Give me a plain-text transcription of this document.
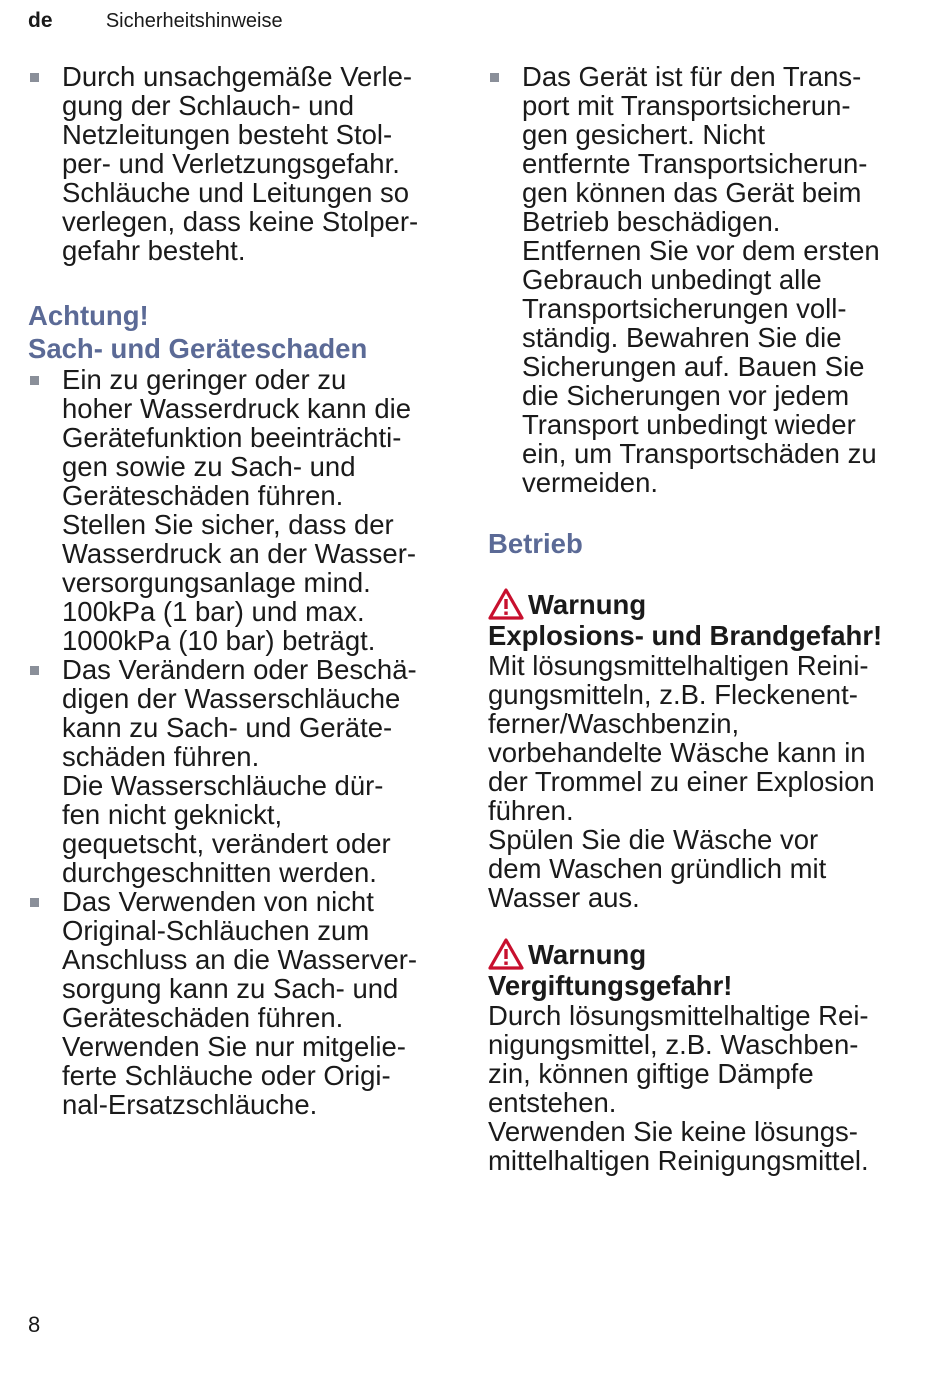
de	Sicherheitshinweise
Durch unsachgemäße Verle-
gung der Schlauch- und
Netzleitungen besteht Stol-
per- und Verletzungsgefahr.
Schläuche und Leitungen so
verlegen, dass keine Stolper-
gefahr besteht.

Achtung!

Sach- und Geräteschaden

Ein zu geringer oder zu
hoher Wasserdruck kann die
Gerätefunktion beeinträchti-
gen sowie zu Sach- und
Geräteschäden führen.
Stellen Sie sicher, dass der
Wasserdruck an der Wasser-
versorgungsanlage mind.
100kPa (1 bar) und max.
1000kPa (10 bar) beträgt.
Das Verändern oder Beschä-
digen der Wasserschläuche
kann zu Sach- und Geräte-
schäden führen.
Die Wasserschläuche dür-
fen nicht geknickt,
gequetscht, verändert oder
durchgeschnitten werden.
Das Verwenden von nicht
Original-Schläuchen zum
Anschluss an die Wasserver-
sorgung kann zu Sach- und
Geräteschäden führen.
Verwenden Sie nur mitgelie-
ferte Schläuche oder Origi-
nal-Ersatzschläuche.
Das Gerät ist für den Trans-
port mit Transportsicherun-
gen gesichert. Nicht
entfernte Transportsicherun-
gen können das Gerät beim
Betrieb beschädigen.
Entfernen Sie vor dem ersten
Gebrauch unbedingt alle
Transportsicherungen voll-
ständig. Bewahren Sie die
Sicherungen auf. Bauen Sie
die Sicherungen vor jedem
Transport unbedingt wieder
ein, um Transportschäden zu
vermeiden.

Betrieb

Warnung

Explosions- und Brandgefahr!

Mit lösungsmittelhaltigen Reini-
gungsmitteln, z.B. Fleckenent-
ferner/Waschbenzin,
vorbehandelte Wäsche kann in
der Trommel zu einer Explosion
führen.
Spülen Sie die Wäsche vor
dem Waschen gründlich mit
Wasser aus.
Warnung

Vergiftungsgefahr!

Durch lösungsmittelhaltige Rei-
nigungsmittel, z.B. Waschben-
zin, können giftige Dämpfe
entstehen.
Verwenden Sie keine lösungs-
mittelhaltigen Reinigungsmittel.
8
